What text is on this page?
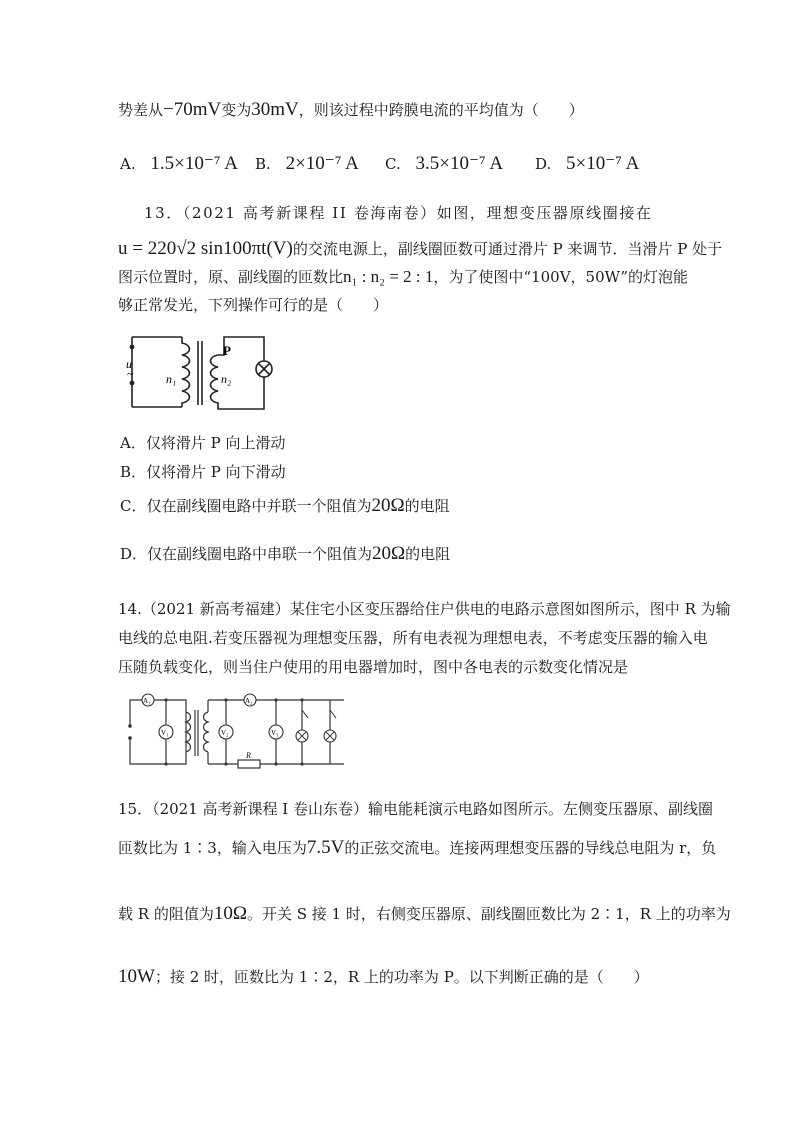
势差从−70mV变为30mV，则该过程中跨膜电流的平均值为（　　）
A. 1.5×10⁻⁷ A B. 2×10⁻⁷ A C. 3.5×10⁻⁷ A D. 5×10⁻⁷ A
13．（2021 高考新课程 II 卷海南卷）如图，理想变压器原线圈接在
u = 220√2 sin100πt(V)的交流电源上，副线圈匝数可通过滑片 P 来调节．当滑片 P 处于
图示位置时，原、副线圈的匝数比n₁ : n₂ = 2 : 1，为了使图中“100V，50W”的灯泡能
够正常发光，下列操作可行的是（　　）
u
~	n₁	n₂
P
A．仅将滑片 P 向上滑动
B．仅将滑片 P 向下滑动
C．仅在副线圈电路中并联一个阻值为20Ω的电阻
D．仅在副线圈电路中串联一个阻值为20Ω的电阻
14.（2021 新高考福建）某住宅小区变压器给住户供电的电路示意图如图所示，图中 R 为输
电线的总电阻.若变压器视为理想变压器，所有电表视为理想电表，不考虑变压器的输入电
压随负载变化，则当住户使用的用电器增加时，图中各电表的示数变化情况是
A₁
V₁	V₂
A₂
V₃
R
15．（2021 高考新课程 I 卷山东卷）输电能耗演示电路如图所示。左侧变压器原、副线圈
匝数比为 1∶3，输入电压为7.5V的正弦交流电。连接两理想变压器的导线总电阻为 r，负
载 R 的阻值为10Ω。开关 S 接 1 时，右侧变压器原、副线圈匝数比为 2∶1，R 上的功率为
10W；接 2 时，匝数比为 1∶2，R 上的功率为 P。以下判断正确的是（　　）
